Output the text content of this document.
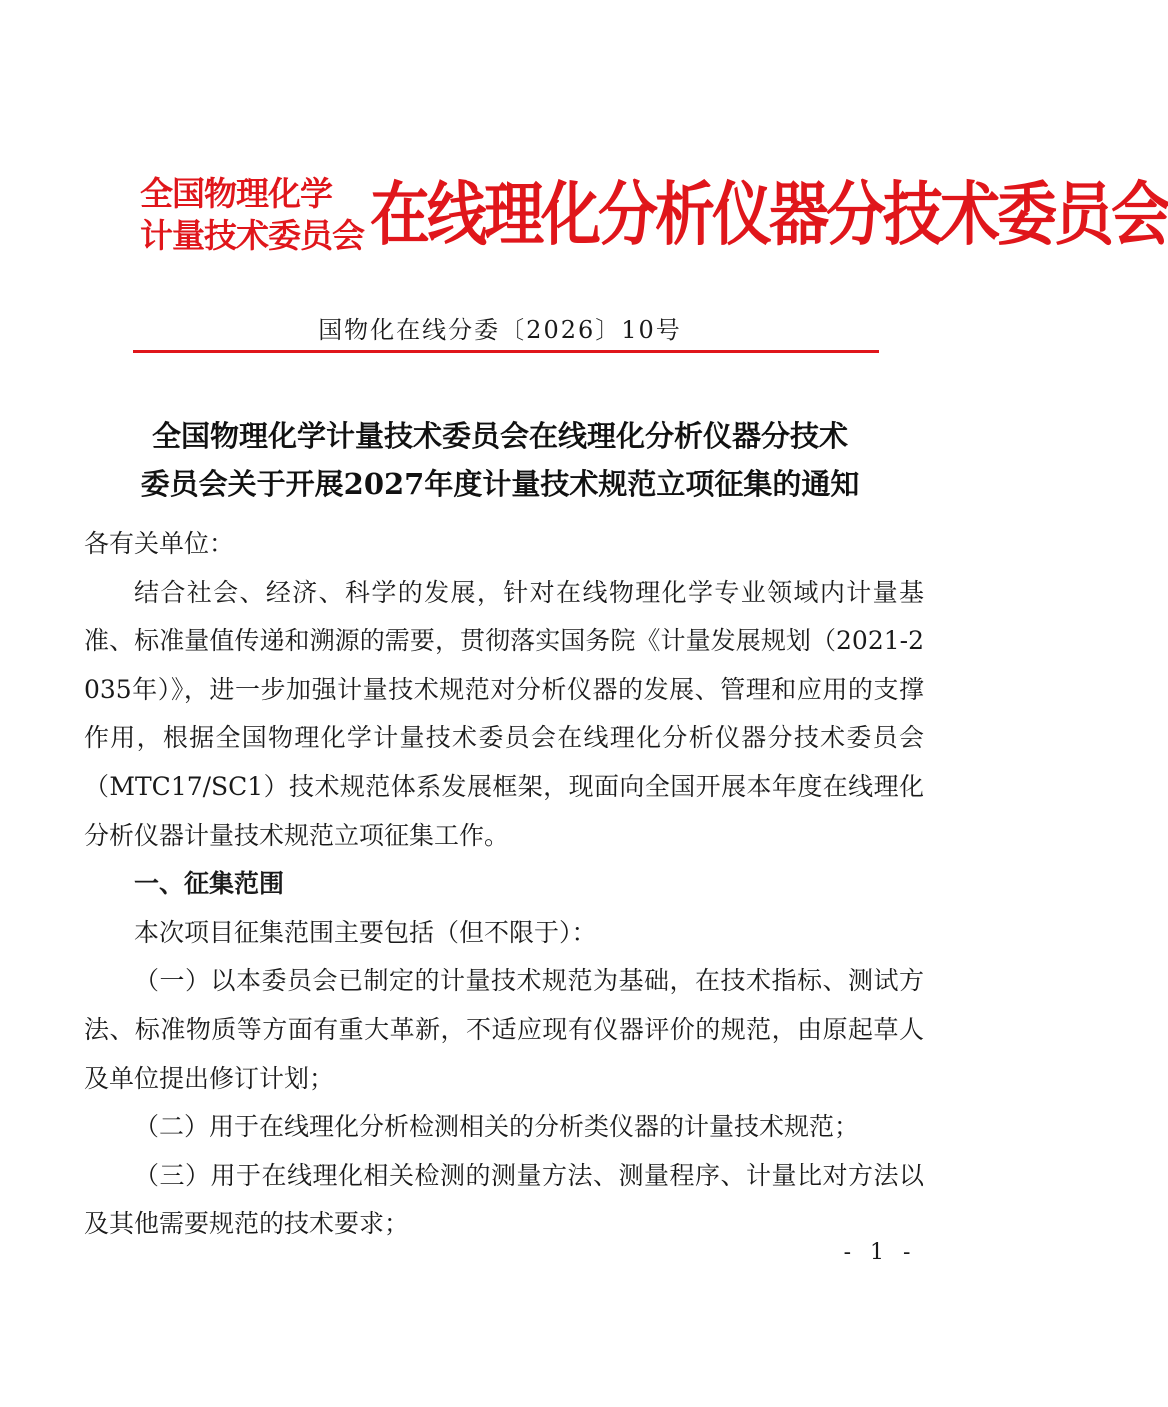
全国物理化学
计量技术委员会 在线理化分析仪器分技术委员会
国物化在线分委〔2026〕10号
全国物理化学计量技术委员会在线理化分析仪器分技术
委员会关于开展2027年度计量技术规范立项征集的通知

各有关单位：

结合社会、经济、科学的发展，针对在线物理化学专业领域内计量基准、标准量值传递和溯源的需要，贯彻落实国务院《计量发展规划（2021-2035年）》，进一步加强计量技术规范对分析仪器的发展、管理和应用的支撑作用，根据全国物理化学计量技术委员会在线理化分析仪器分技术委员会（MTC17/SC1）技术规范体系发展框架，现面向全国开展本年度在线理化分析仪器计量技术规范立项征集工作。

一、征集范围

本次项目征集范围主要包括（但不限于）：

（一）以本委员会已制定的计量技术规范为基础，在技术指标、测试方法、标准物质等方面有重大革新，不适应现有仪器评价的规范，由原起草人及单位提出修订计划；

（二）用于在线理化分析检测相关的分析类仪器的计量技术规范；

（三）用于在线理化相关检测的测量方法、测量程序、计量比对方法以及其他需要规范的技术要求；

- 1 -
